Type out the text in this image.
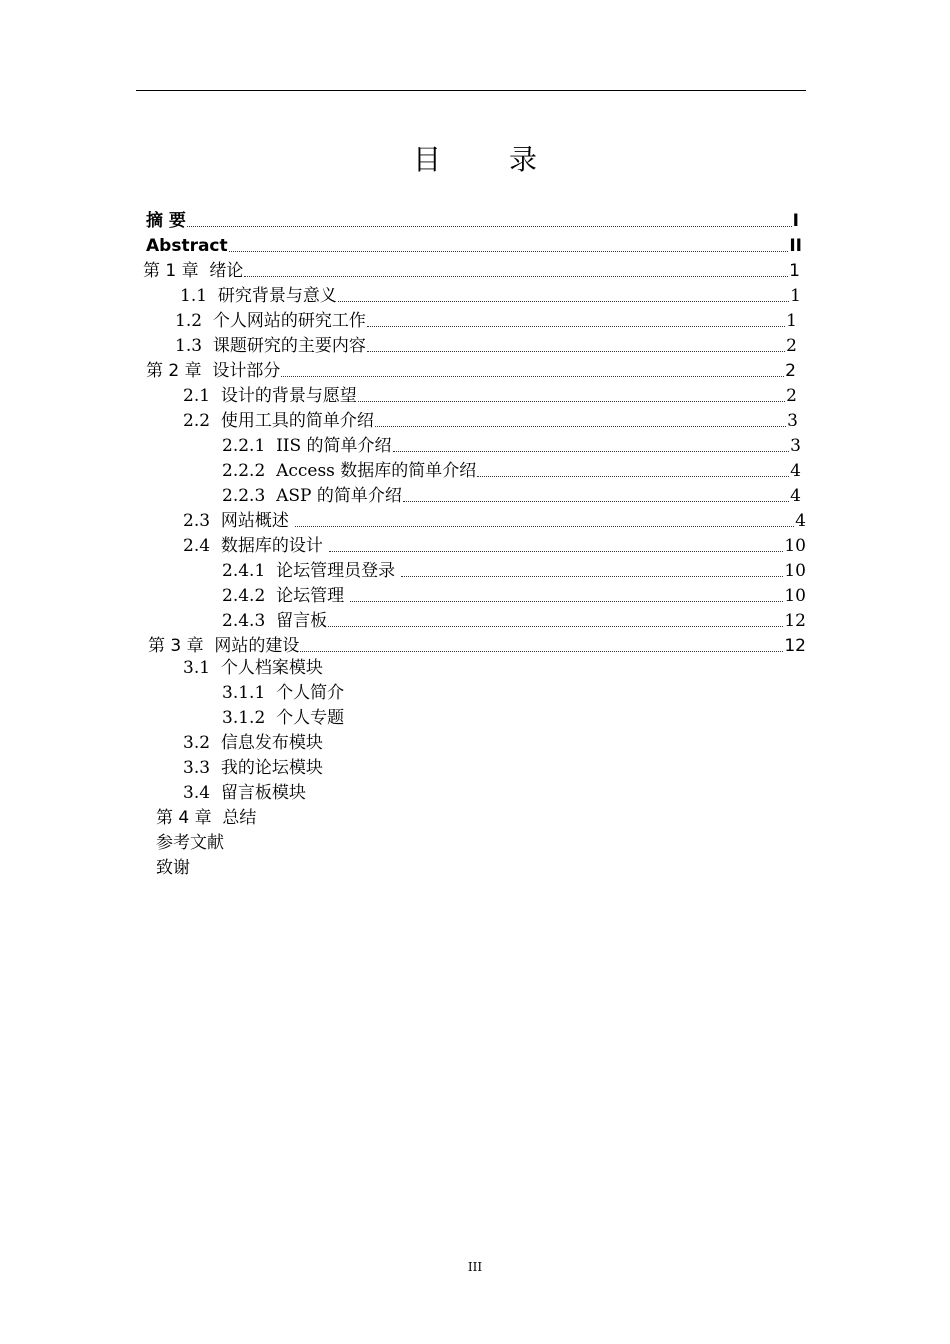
目　录
摘 要	I
Abstract	II
第 1 章  绪论	1
1.1  研究背景与意义	1
1.2  个人网站的研究工作	1
1.3  课题研究的主要内容	2
第 2 章  设计部分	2
2.1  设计的背景与愿望	2
2.2  使用工具的简单介绍	3
2.2.1  IIS 的简单介绍	3
2.2.2  Access 数据库的简单介绍	4
2.2.3  ASP 的简单介绍	4
2.3  网站概述	4
2.4  数据库的设计	10
2.4.1  论坛管理员登录	10
2.4.2  论坛管理	10
2.4.3  留言板	12
第 3 章  网站的建设	12
3.1  个人档案模块
3.1.1  个人简介
3.1.2  个人专题
3.2  信息发布模块
3.3  我的论坛模块
3.4  留言板模块
第 4 章  总结
参考文献
致谢
III
